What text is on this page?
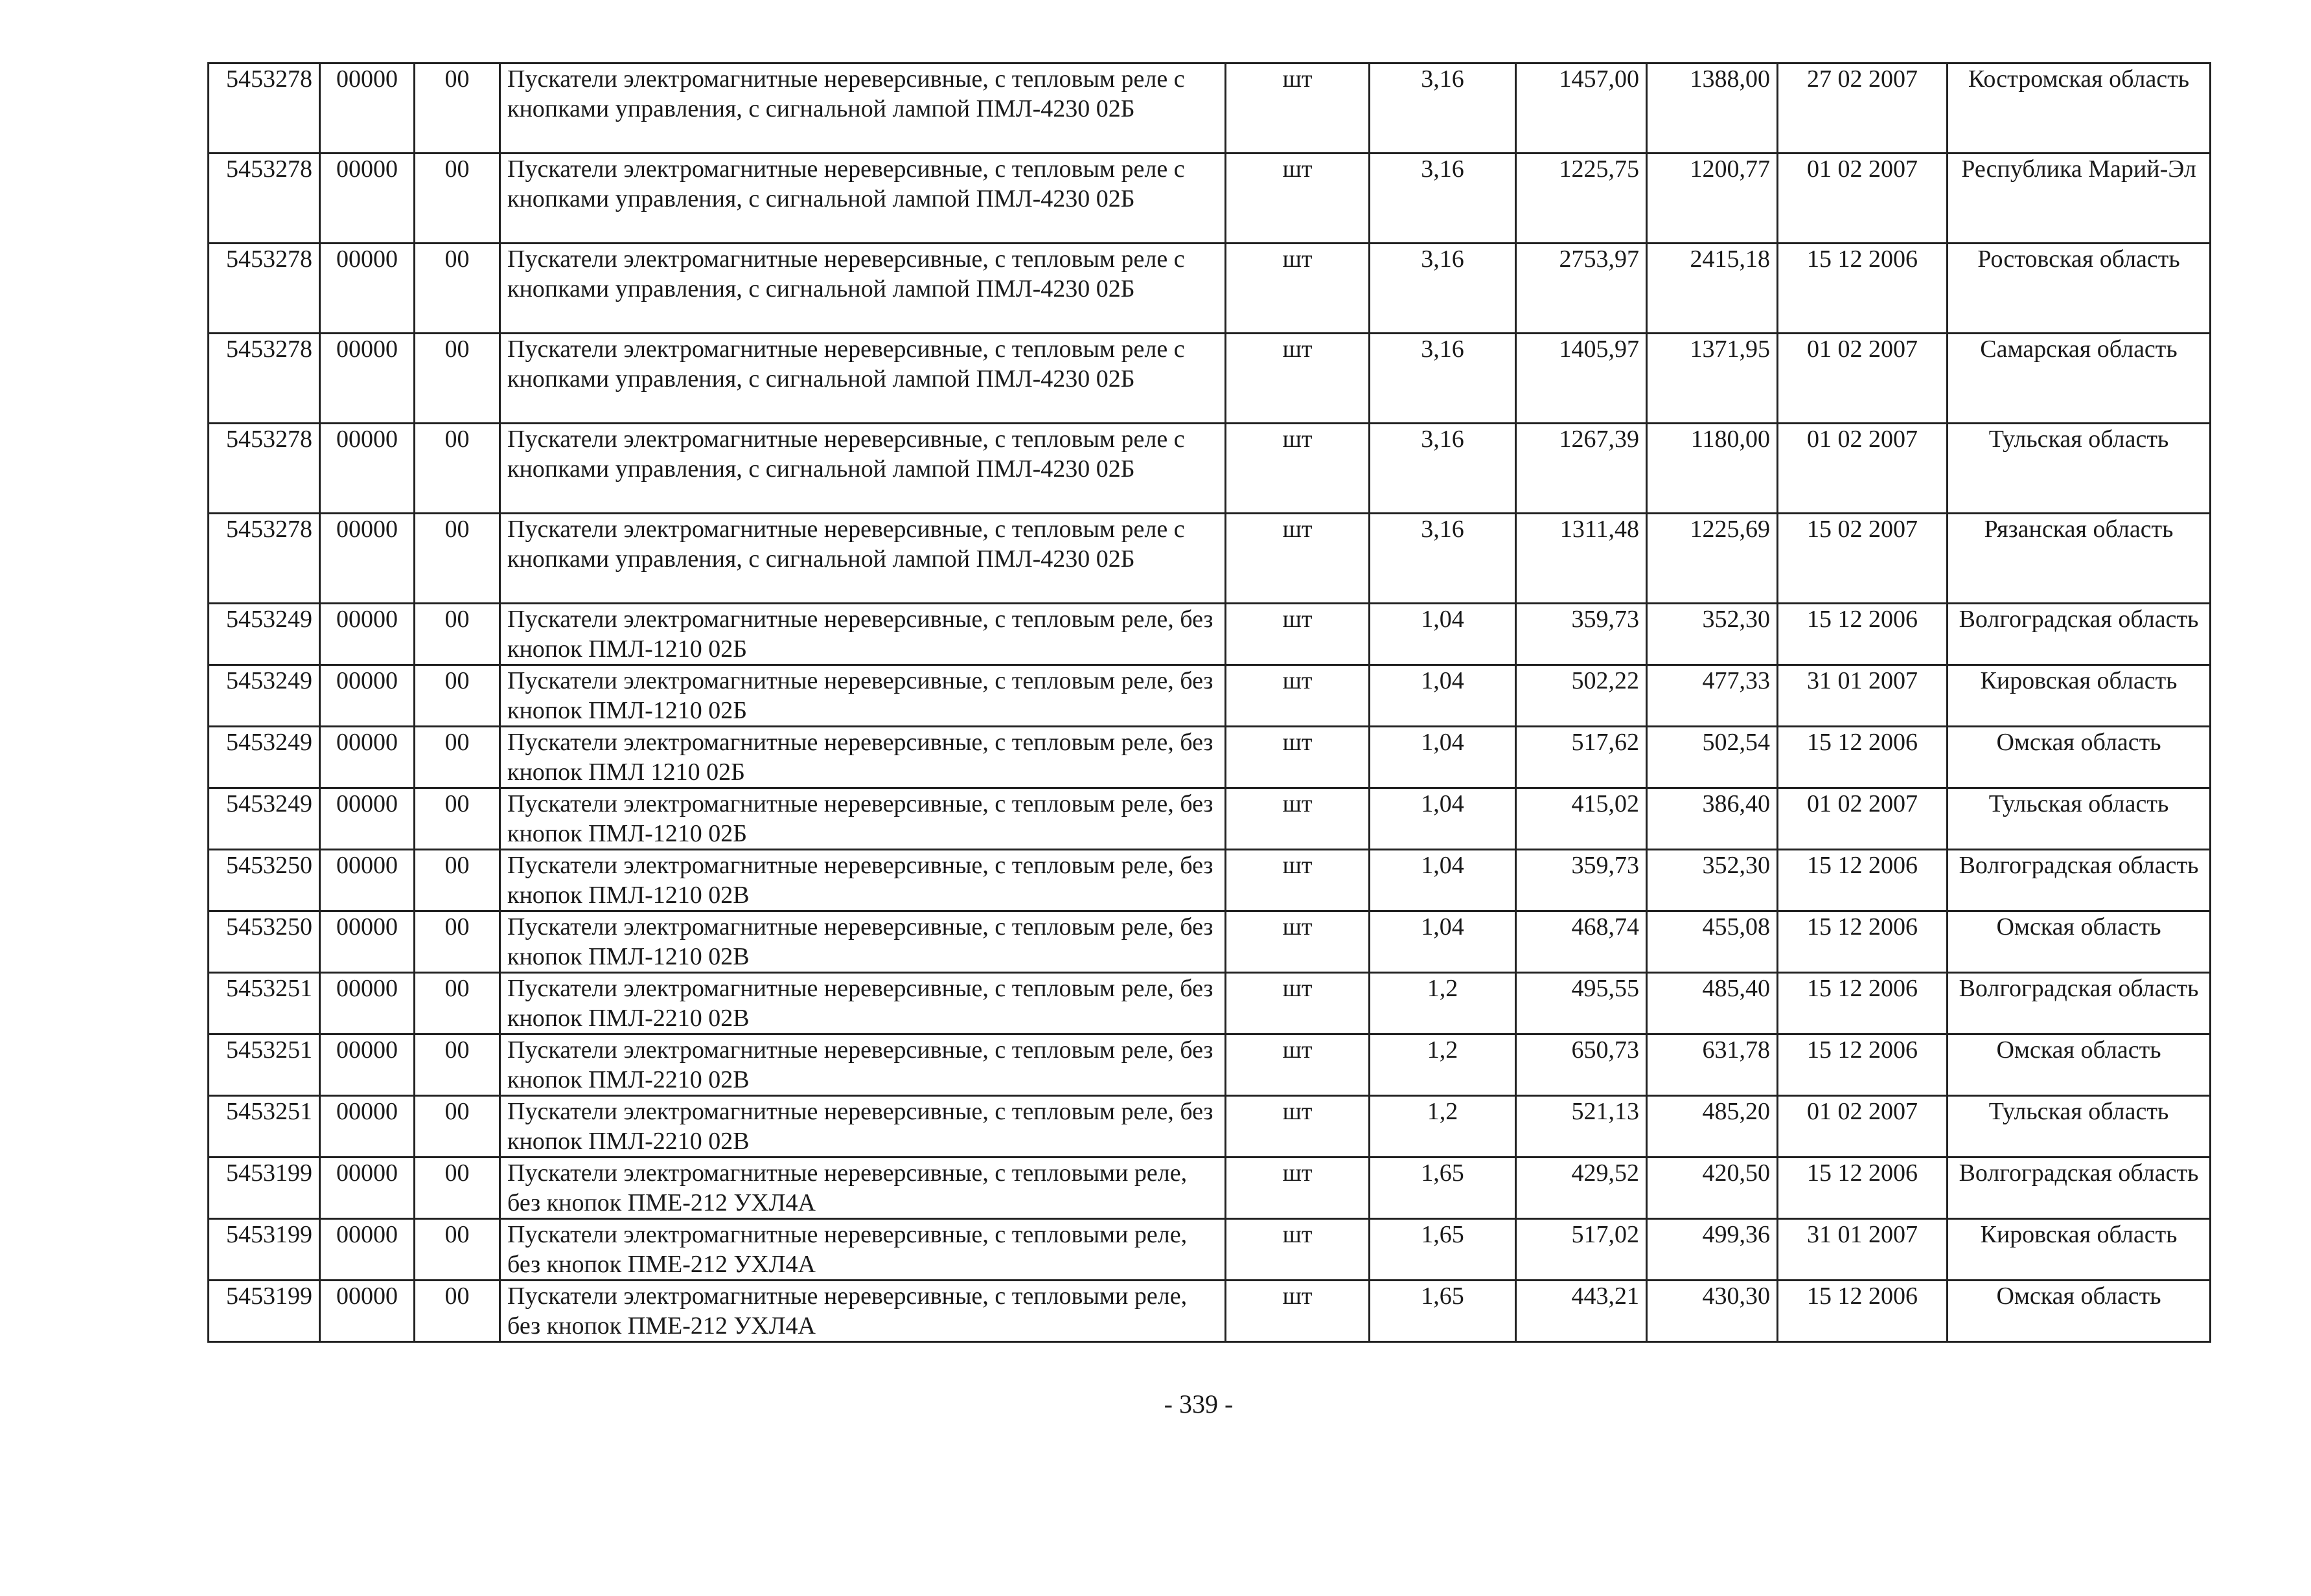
5453278	00000	00	Пускатели электромагнитные нереверсивные, с тепловым реле с кнопками управления, с сигнальной лампой ПМЛ-4230 02Б	шт	3,16	1457,00	1388,00	27 02 2007	Костромская область
5453278	00000	00	Пускатели электромагнитные нереверсивные, с тепловым реле с кнопками управления, с сигнальной лампой ПМЛ-4230 02Б	шт	3,16	1225,75	1200,77	01 02 2007	Республика Марий-Эл
5453278	00000	00	Пускатели электромагнитные нереверсивные, с тепловым реле с кнопками управления, с сигнальной лампой ПМЛ-4230 02Б	шт	3,16	2753,97	2415,18	15 12 2006	Ростовская область
5453278	00000	00	Пускатели электромагнитные нереверсивные, с тепловым реле с кнопками управления, с сигнальной лампой ПМЛ-4230 02Б	шт	3,16	1405,97	1371,95	01 02 2007	Самарская область
5453278	00000	00	Пускатели электромагнитные нереверсивные, с тепловым реле с кнопками управления, с сигнальной лампой ПМЛ-4230 02Б	шт	3,16	1267,39	1180,00	01 02 2007	Тульская область
5453278	00000	00	Пускатели электромагнитные нереверсивные, с тепловым реле с кнопками управления, с сигнальной лампой ПМЛ-4230 02Б	шт	3,16	1311,48	1225,69	15 02 2007	Рязанская область
5453249	00000	00	Пускатели электромагнитные нереверсивные, с тепловым реле, без кнопок ПМЛ-1210 02Б	шт	1,04	359,73	352,30	15 12 2006	Волгоградская область
5453249	00000	00	Пускатели электромагнитные нереверсивные, с тепловым реле, без кнопок ПМЛ-1210 02Б	шт	1,04	502,22	477,33	31 01 2007	Кировская область
5453249	00000	00	Пускатели электромагнитные нереверсивные, с тепловым реле, без кнопок ПМЛ 1210 02Б	шт	1,04	517,62	502,54	15 12 2006	Омская область
5453249	00000	00	Пускатели электромагнитные нереверсивные, с тепловым реле, без кнопок ПМЛ-1210 02Б	шт	1,04	415,02	386,40	01 02 2007	Тульская область
5453250	00000	00	Пускатели электромагнитные нереверсивные, с тепловым реле, без кнопок ПМЛ-1210 02В	шт	1,04	359,73	352,30	15 12 2006	Волгоградская область
5453250	00000	00	Пускатели электромагнитные нереверсивные, с тепловым реле, без кнопок ПМЛ-1210 02В	шт	1,04	468,74	455,08	15 12 2006	Омская область
5453251	00000	00	Пускатели электромагнитные нереверсивные, с тепловым реле, без кнопок ПМЛ-2210 02В	шт	1,2	495,55	485,40	15 12 2006	Волгоградская область
5453251	00000	00	Пускатели электромагнитные нереверсивные, с тепловым реле, без кнопок ПМЛ-2210 02В	шт	1,2	650,73	631,78	15 12 2006	Омская область
5453251	00000	00	Пускатели электромагнитные нереверсивные, с тепловым реле, без кнопок ПМЛ-2210 02В	шт	1,2	521,13	485,20	01 02 2007	Тульская область
5453199	00000	00	Пускатели электромагнитные нереверсивные, с тепловыми реле, без кнопок ПМЕ-212 УХЛ4А	шт	1,65	429,52	420,50	15 12 2006	Волгоградская область
5453199	00000	00	Пускатели электромагнитные нереверсивные, с тепловыми реле, без кнопок ПМЕ-212 УХЛ4А	шт	1,65	517,02	499,36	31 01 2007	Кировская область
5453199	00000	00	Пускатели электромагнитные нереверсивные, с тепловыми реле, без кнопок ПМЕ-212 УХЛ4А	шт	1,65	443,21	430,30	15 12 2006	Омская область
- 339 -
